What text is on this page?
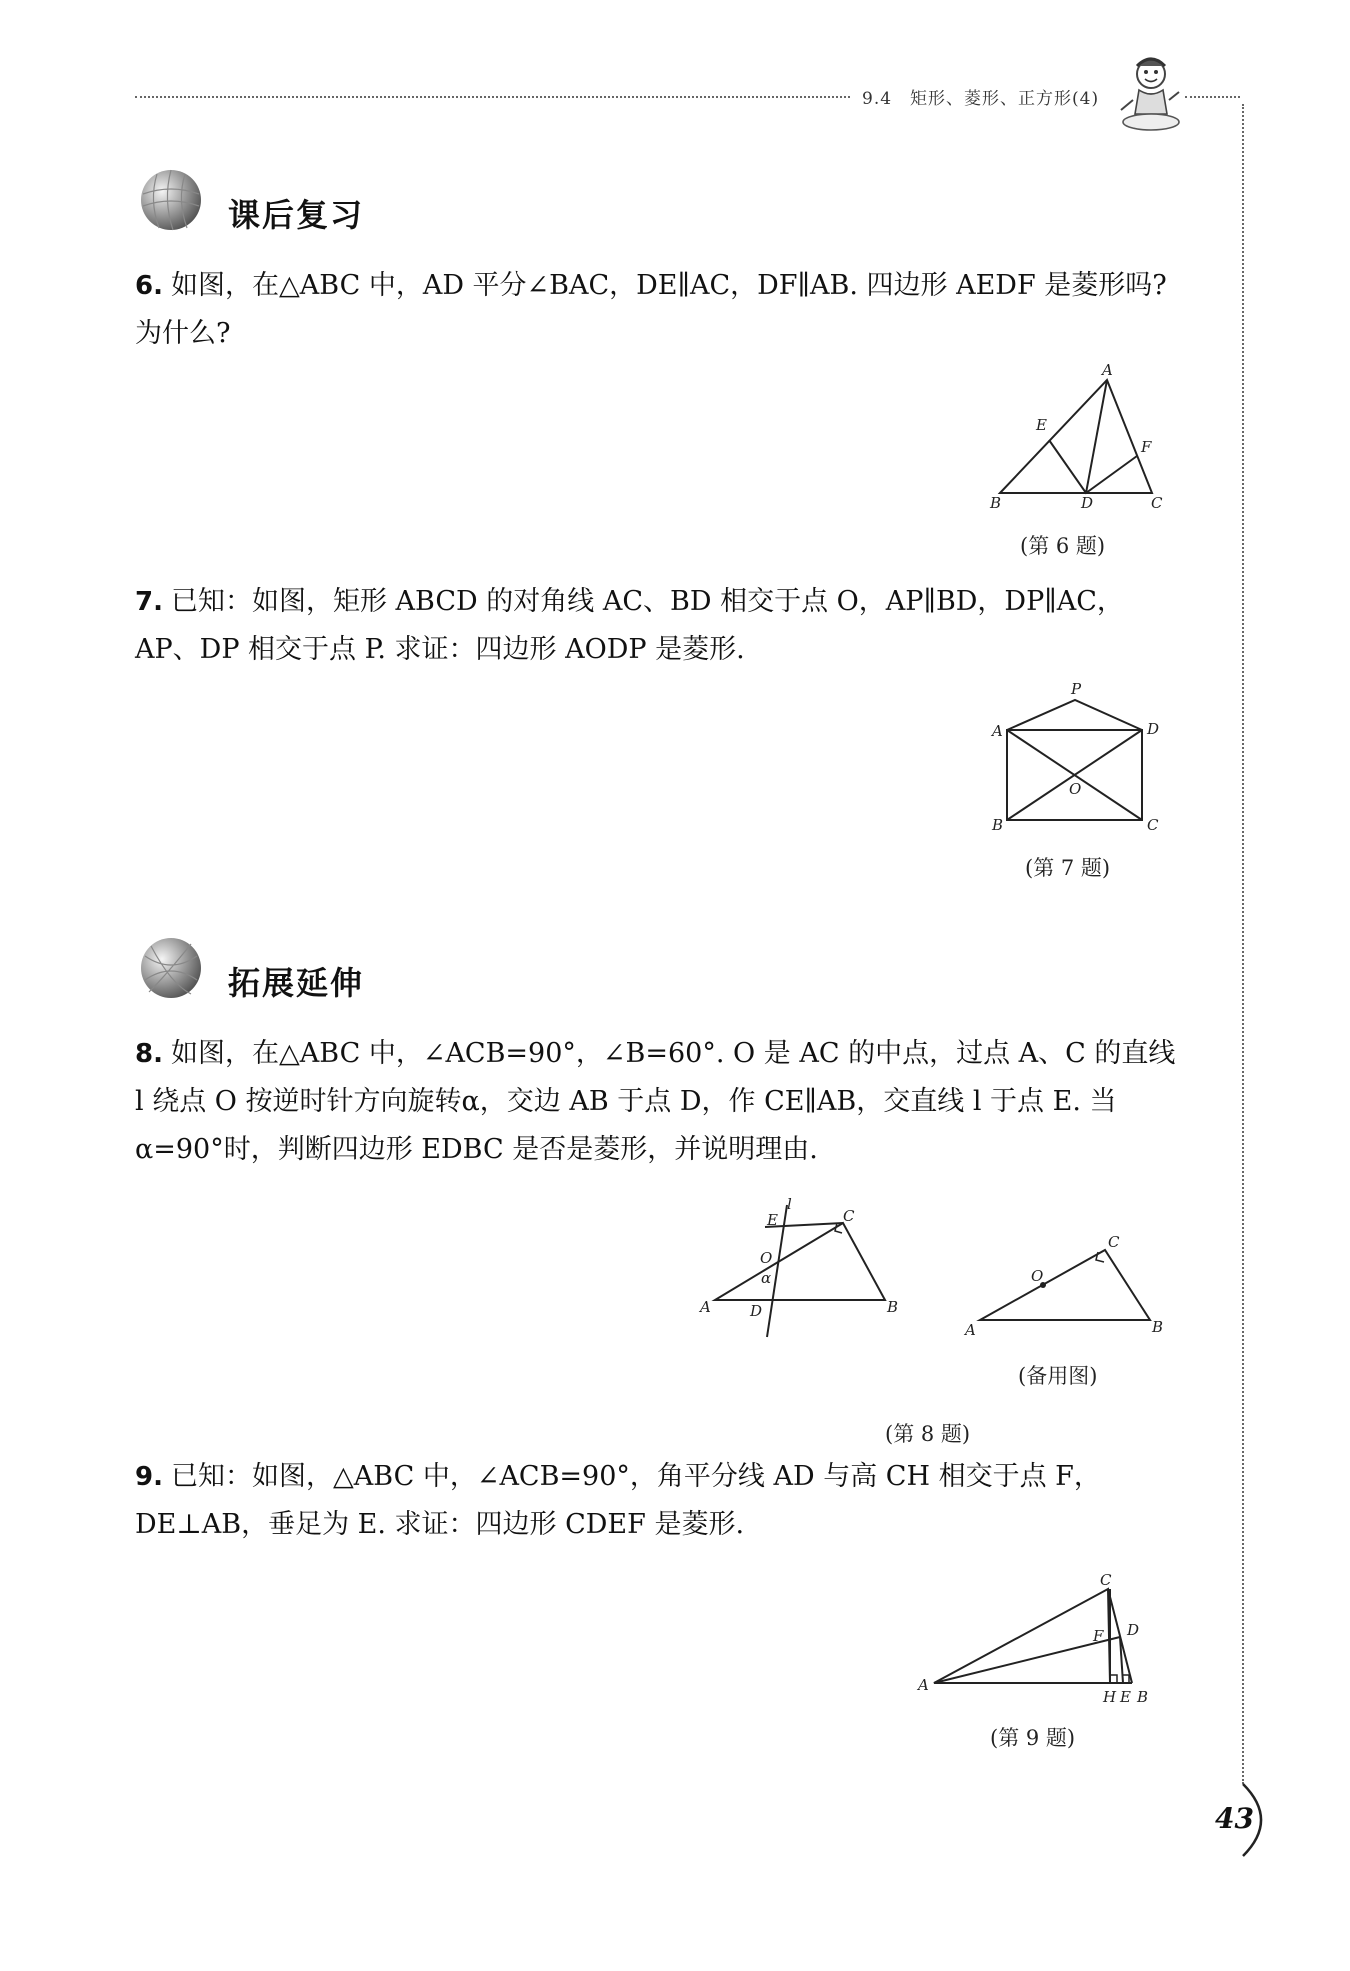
9.4　矩形、菱形、正方形(4)
课后复习
6. 如图，在△ABC 中，AD 平分∠BAC，DE∥AC，DF∥AB. 四边形 AEDF 是菱形吗?为什么?
A
E
F
B	D	C
(第 6 题)
7. 已知：如图，矩形 ABCD 的对角线 AC、BD 相交于点 O，AP∥BD，DP∥AC，AP、DP 相交于点 P. 求证：四边形 AODP 是菱形.
P
A	D
O
B	C
(第 7 题)
拓展延伸
8. 如图，在△ABC 中，∠ACB=90°，∠B=60°. O 是 AC 的中点，过点 A、C 的直线 l 绕点 O 按逆时针方向旋转α，交边 AB 于点 D，作 CE∥AB，交直线 l 于点 E. 当α=90°时，判断四边形 EDBC 是否是菱形，并说明理由.
l
E	C
O
α
A	D	B
C
O
A	B
(备用图)
(第 8 题)
9. 已知：如图，△ABC 中，∠ACB=90°，角平分线 AD 与高 CH 相交于点 F，DE⊥AB，垂足为 E. 求证：四边形 CDEF 是菱形.
C
D
F
A
H E B
(第 9 题)
43
